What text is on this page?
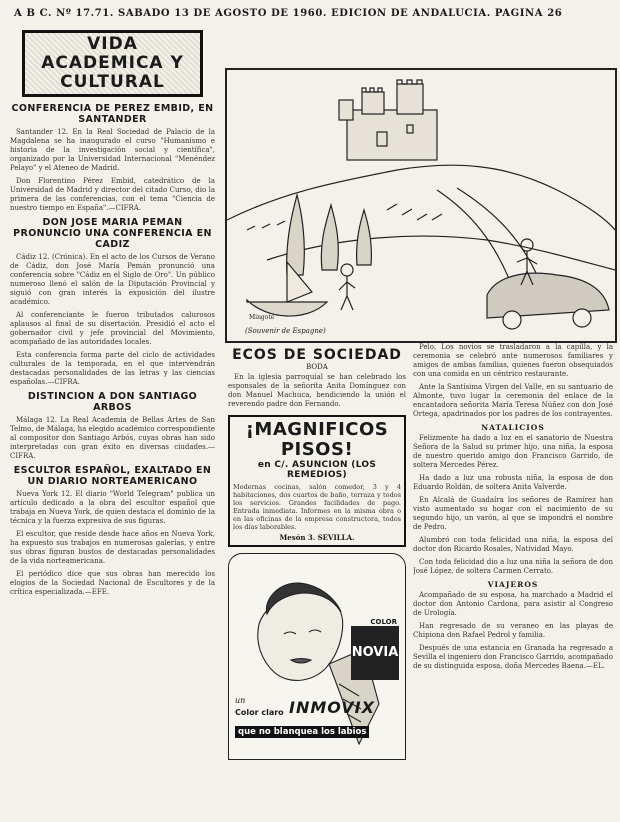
A B C. Nº 17.71. SABADO 13 DE AGOSTO DE 1960. EDICION DE ANDALUCIA. PAGINA 26
VIDA ACADEMICA Y CULTURAL
CONFERENCIA DE PEREZ EMBID, EN SANTANDER

Santander 12. En la Real Sociedad de Palacio de la Magdalena se ha inaugurado el curso "Humanismo e historia de la investigación social y científica", organizado por la Universidad Internacional "Menéndez Pelayo" y el Ateneo de Madrid.

Don Florentino Pérez Embid, catedrático de la Universidad de Madrid y director del citado Curso, dio la primera de las conferencias, con el tema "Ciencia de nuestro tiempo en España".—CIFRA.

DON JOSE MARIA PEMAN PRONUNCIO UNA CONFERENCIA EN CADIZ

Cádiz 12. (Crónica). En el acto de los Cursos de Verano de Cádiz, don José María Pemán pronunció una conferencia sobre "Cádiz en el Siglo de Oro". Un público numeroso llenó el salón de la Diputación Provincial y siguió con gran interés la exposición del ilustre académico.

Al conferenciante le fueron tributados calurosos aplausos al final de su disertación. Presidió el acto el gobernador civil y jefe provincial del Movimiento, acompañado de las autoridades locales.

Esta conferencia forma parte del ciclo de actividades culturales de la temporada, en el que intervendrán destacadas personalidades de las letras y las ciencias españolas.—CIFRA.

DISTINCION A DON SANTIAGO ARBOS

Málaga 12. La Real Academia de Bellas Artes de San Telmo, de Málaga, ha elegido académico correspondiente al compositor don Santiago Arbós, cuyas obras han sido interpretadas con gran éxito en diversas ciudades.—CIFRA.

ESCULTOR ESPAÑOL, EXALTADO EN UN DIARIO NORTEAMERICANO

Nueva York 12. El diario "World Telegram" publica un artículo dedicado a la obra del escultor español que trabaja en Nueva York, de quien destaca el dominio de la técnica y la fuerza expresiva de sus figuras.

El escultor, que reside desde hace años en Nueva York, ha expuesto sus trabajos en numerosas galerías, y entre sus obras figuran bustos de destacadas personalidades de la vida norteamericana.

El periódico dice que sus obras han merecido los elogios de la Sociedad Nacional de Escultores y de la crítica especializada.—EFE.

Mingote
(Souvenir de Espagne)
ECOS DE SOCIEDAD
BODA

En la iglesia parroquial se han celebrado los esponsales de la señorita Anita Domínguez con don Manuel Machuca, bendiciendo la unión el reverendo padre don Fernando.

¡MAGNIFICOS PISOS!
en C/. ASUNCION (LOS REMEDIOS)
Modernas cocinas, salón comedor, 3 y 4 habitaciones, dos cuartos de baño, terraza y todos los servicios. Grandes facilidades de pago. Entrada inmediata. Informes en la misma obra o en las oficinas de la empresa constructora, todos los días laborables.
Mesón 3. SEVILLA.
COLOR
NOVIA
un
Color claro INMOVIX
que no blanquea los labios

Pelo. Los novios se trasladaron a la capilla, y la ceremonia se celebró ante numerosos familiares y amigos de ambas familias, quienes fueron obsequiados con una comida en un céntrico restaurante.

Ante la Santísima Virgen del Valle, en su santuario de Almonte, tuvo lugar la ceremonia del enlace de la encantadora señorita María Teresa Núñez con don José Ortega, apadrinados por los padres de los contrayentes.

NATALICIOS

Felizmente ha dado a luz en el sanatorio de Nuestra Señora de la Salud su primer hijo, una niña, la esposa de nuestro querido amigo don Francisco Garrido, de soltera Mercedes Pérez.

Ha dado a luz una robusta niña, la esposa de don Eduardo Roldán, de soltera Anita Valverde.

En Alcalá de Guadaíra los señores de Ramírez han visto aumentado su hogar con el nacimiento de su segundo hijo, un varón, al que se impondrá el nombre de Pedro.

Alumbró con toda felicidad una niña, la esposa del doctor don Ricardo Rosales, Natividad Mayo.

Con toda felicidad dio a luz una niña la señora de don José López, de soltera Carmen Cerrato.

VIAJEROS

Acompañado de su esposa, ha marchado a Madrid el doctor don Antonio Cardona, para asistir al Congreso de Urología.

Han regresado de su veraneo en las playas de Chipiona don Rafael Pedrol y familia.

Después de una estancia en Granada ha regresado a Sevilla el ingeniero don Francisco Garrido, acompañado de su distinguida esposa, doña Mercedes Baena.—EL.
